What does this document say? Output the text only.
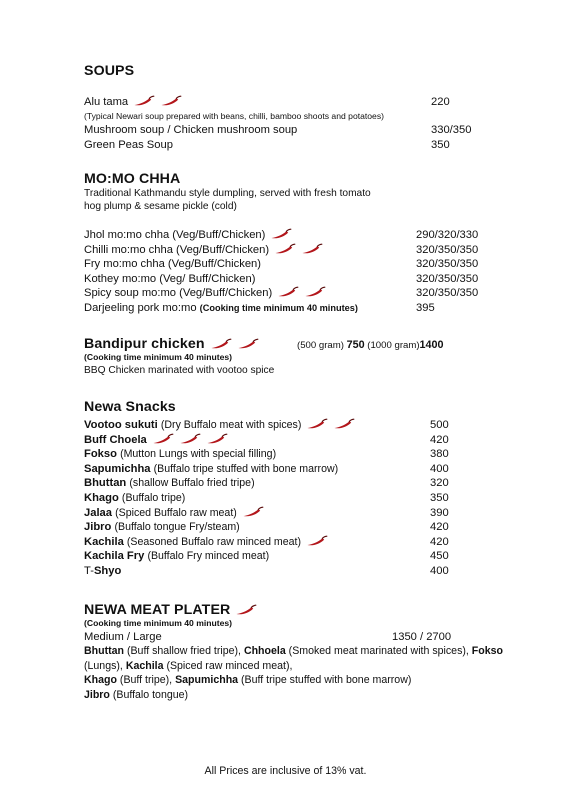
SOUPS
Alu tama	220
(Typical Newari soup prepared with beans, chilli, bamboo shoots and potatoes)
Mushroom soup / Chicken mushroom soup	330/350
Green Peas Soup	350
MO:MO CHHA
Traditional Kathmandu style dumpling, served with fresh tomato
hog plump & sesame pickle (cold)
Jhol mo:mo chha (Veg/Buff/Chicken)	290/320/330
Chilli mo:mo chha (Veg/Buff/Chicken)	320/350/350
Fry mo:mo chha (Veg/Buff/Chicken)	320/350/350
Kothey mo:mo (Veg/ Buff/Chicken)	320/350/350
Spicy soup mo:mo (Veg/Buff/Chicken)	320/350/350
Darjeeling pork mo:mo (Cooking time minimum 40 minutes)	395
Bandipur chicken	(500 gram) 750 (1000 gram)1400
(Cooking time minimum 40 minutes)
BBQ Chicken marinated with vootoo spice
Newa Snacks
Vootoo sukuti (Dry Buffalo meat with spices)	500
Buff Choela	420
Fokso (Mutton Lungs with special filling)	380
Sapumichha (Buffalo tripe stuffed with bone marrow)	400
Bhuttan (shallow Buffalo fried tripe)	320
Khago (Buffalo tripe)	350
Jalaa (Spiced Buffalo raw meat)	390
Jibro (Buffalo tongue Fry/steam)	420
Kachila (Seasoned Buffalo raw minced meat)	420
Kachila Fry (Buffalo Fry minced meat)	450
T-Shyo	400
NEWA MEAT PLATER
(Cooking time minimum 40 minutes)
Medium / Large	1350 / 2700
Bhuttan (Buff shallow fried tripe), Chhoela (Smoked meat marinated with spices), Fokso (Lungs), Kachila (Spiced raw minced meat),
Khago (Buff tripe), Sapumichha (Buff tripe stuffed with bone marrow)
Jibro (Buffalo tongue)
All Prices are inclusive of 13% vat.
